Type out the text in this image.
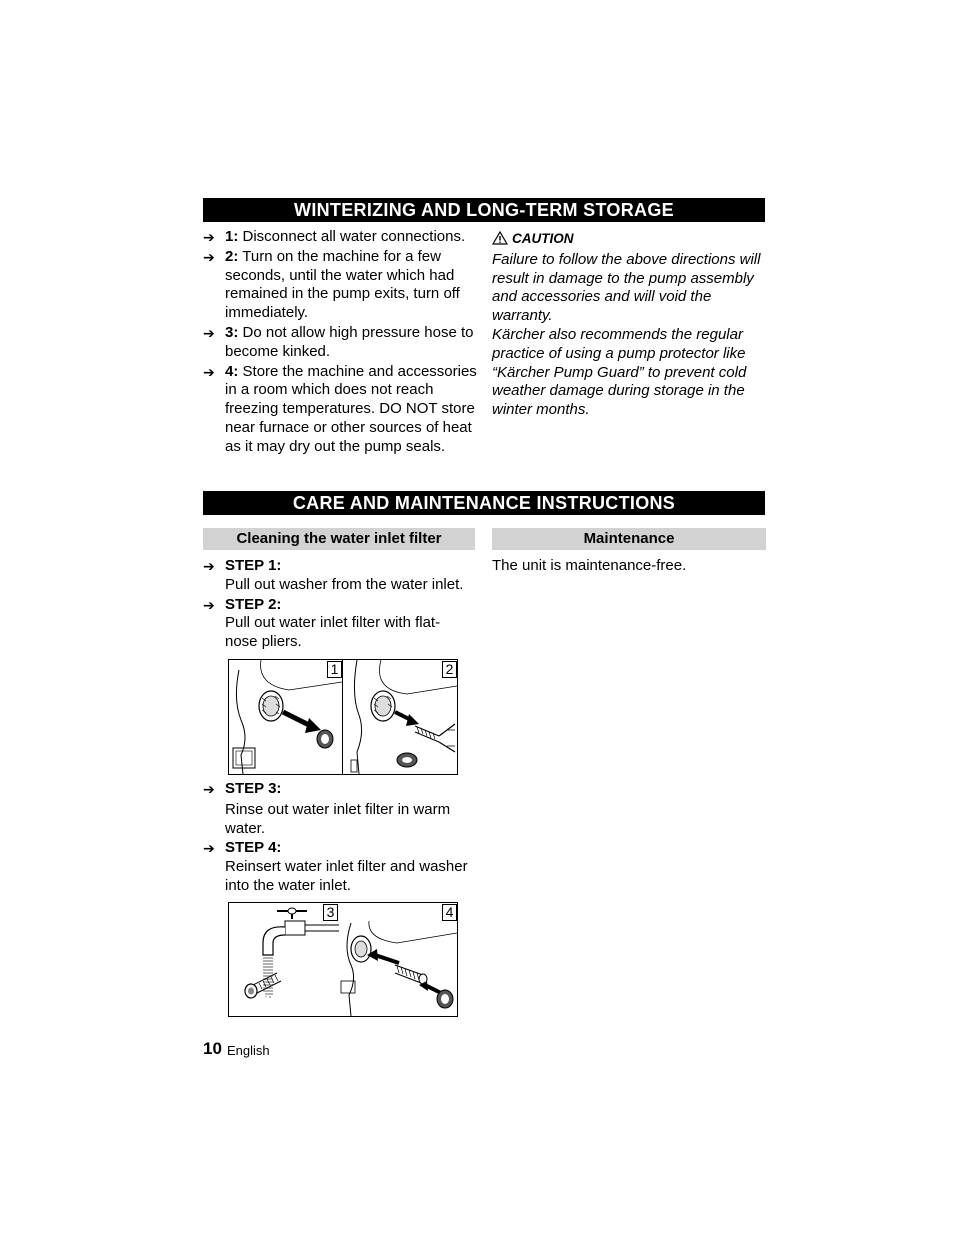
WINTERIZING AND LONG-TERM STORAGE
➔ 1: Disconnect all water connections.
➔ 2: Turn on the machine for a few seconds, until the water which had remained in the pump exits, turn off immediately.
➔ 3: Do not allow high pressure hose to become kinked.
➔ 4: Store the machine and accessories in a room which does not reach freezing temperatures. DO NOT store near furnace or other sources of heat as it may dry out the pump seals.
CAUTION
Failure to follow the above directions will result in damage to the pump assembly and accessories and will void the warranty.
Kärcher also recommends the regular practice of using a pump protector like “Kärcher Pump Guard” to prevent cold weather damage during storage in the winter months.
CARE AND MAINTENANCE INSTRUCTIONS
Cleaning the water inlet filter	Maintenance
➔ STEP 1:
Pull out washer from the water inlet.
➔ STEP 2:
Pull out water inlet filter with flat-nose pliers.
The unit is maintenance-free.
1	2
➔ STEP 3:
Rinse out water inlet filter in warm water.
➔ STEP 4:
Reinsert water inlet filter and washer into the water inlet.
3	4
10 English
